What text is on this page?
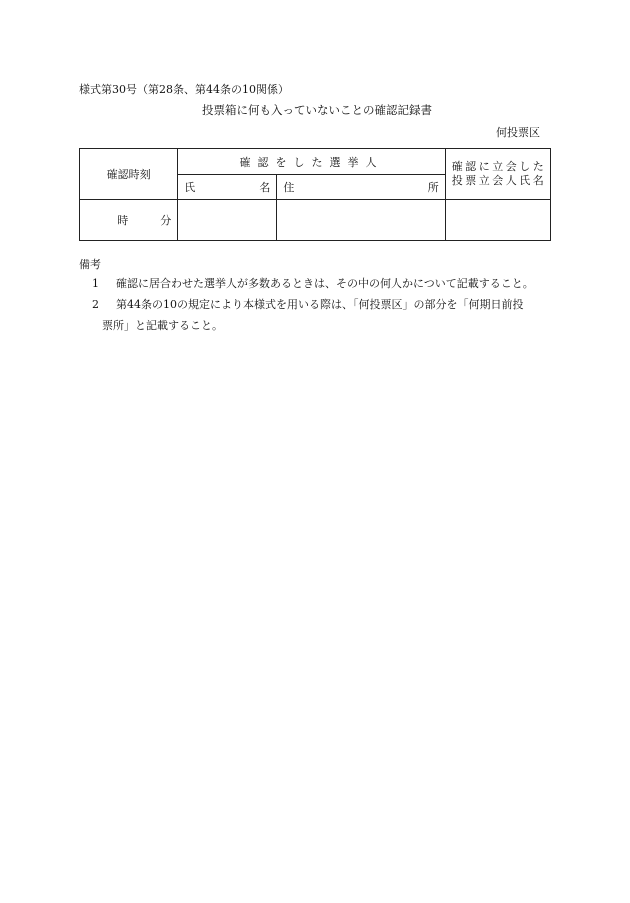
様式第30号（第28条、第44条の10関係）
投票箱に何も入っていないことの確認記録書
何投票区
確認時刻	確認をした選挙人		確認に立会した
投票立会人氏名

	氏 名	住 所	

時 分			

備考
1 確認に居合わせた選挙人が多数あるときは、その中の何人かについて記載すること。
2 第44条の10の規定により本様式を用いる際は、「何投票区」の部分を「何期日前投
票所」と記載すること。
